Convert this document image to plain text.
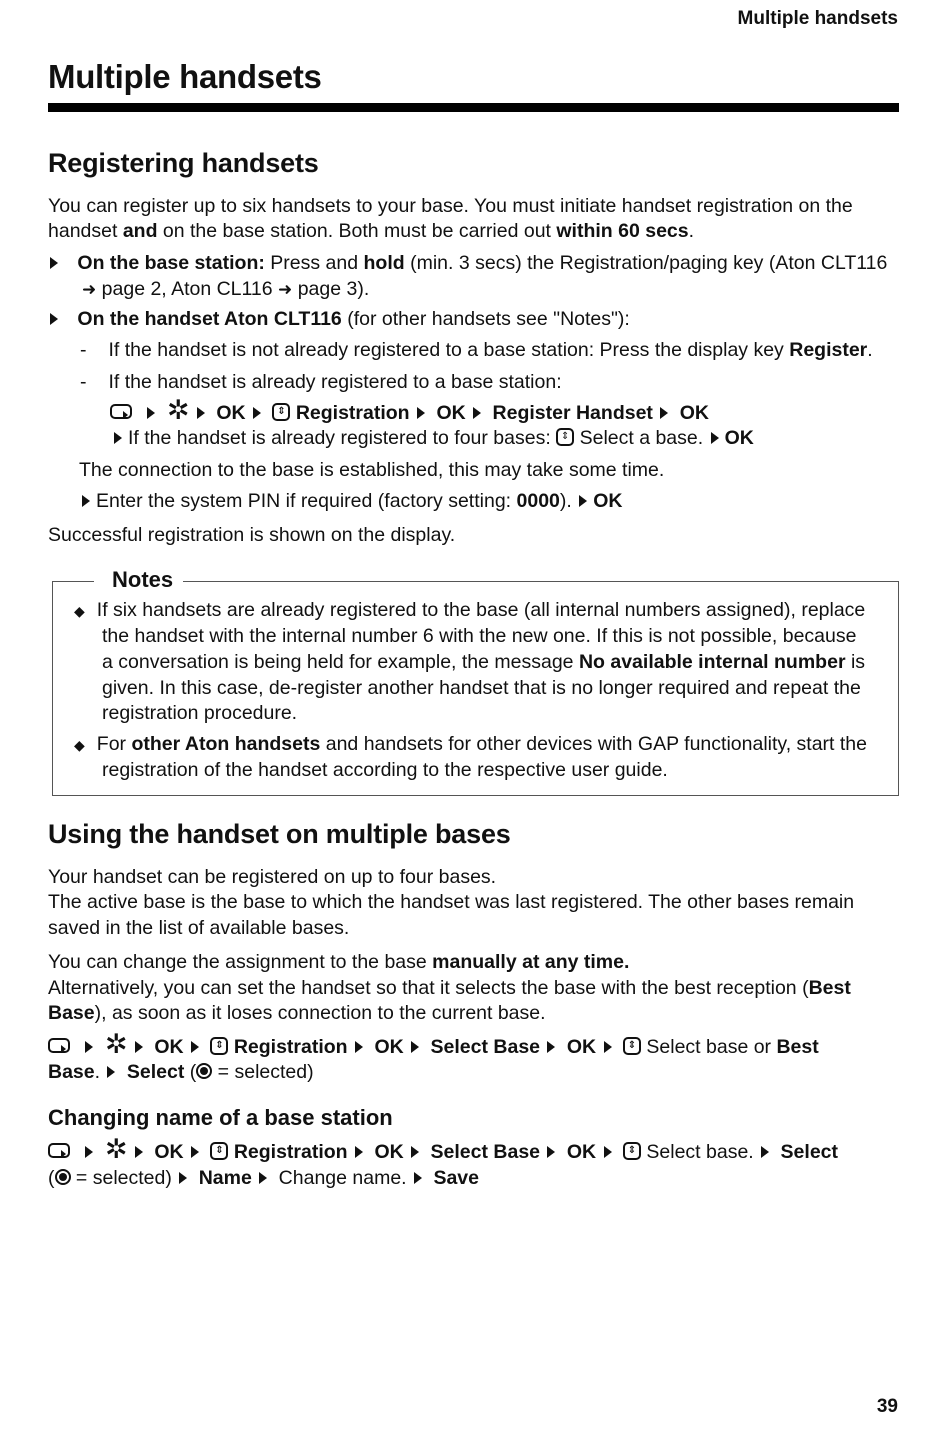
Multiple handsets
Multiple handsets
Registering handsets
You can register up to six handsets to your base. You must initiate handset registration on the
handset and on the base station. Both must be carried out within 60 secs.
On the base station: Press and hold (min. 3 secs) the Registration/paging key (Aton CLT116
➜ page 2, Aton CL116 ➜ page 3).
On the handset Aton CLT116 (for other handsets see "Notes"):
- If the handset is not already registered to a base station: Press the display key Register.
- If the handset is already registered to a base station:
✲ OK	⇕ Registration OK Register Handset OK
If the handset is already registered to four bases: ⇕ Select a base. OK
The connection to the base is established, this may take some time.
Enter the system PIN if required (factory setting: 0000). OK
Successful registration is shown on the display.
Notes
◆ If six handsets are already registered to the base (all internal numbers assigned), replace
the handset with the internal number 6 with the new one. If this is not possible, because
a conversation is being held for example, the message No available internal number is
given. In this case, de-register another handset that is no longer required and repeat the
registration procedure.
◆ For other Aton handsets and handsets for other devices with GAP functionality, start the
registration of the handset according to the respective user guide.
Using the handset on multiple bases
Your handset can be registered on up to four bases.
The active base is the base to which the handset was last registered. The other bases remain
saved in the list of available bases.
You can change the assignment to the base manually at any time.
Alternatively, you can set the handset so that it selects the base with the best reception (Best
Base), as soon as it loses connection to the current base.
✲ OK	⇕ Registration OK Select Base OK	⇕ Select base or Best
Base. Select ( = selected)
Changing name of a base station
✲ OK	⇕ Registration OK Select Base OK	⇕ Select base. Select
( = selected) Name  Change name. Save
39
